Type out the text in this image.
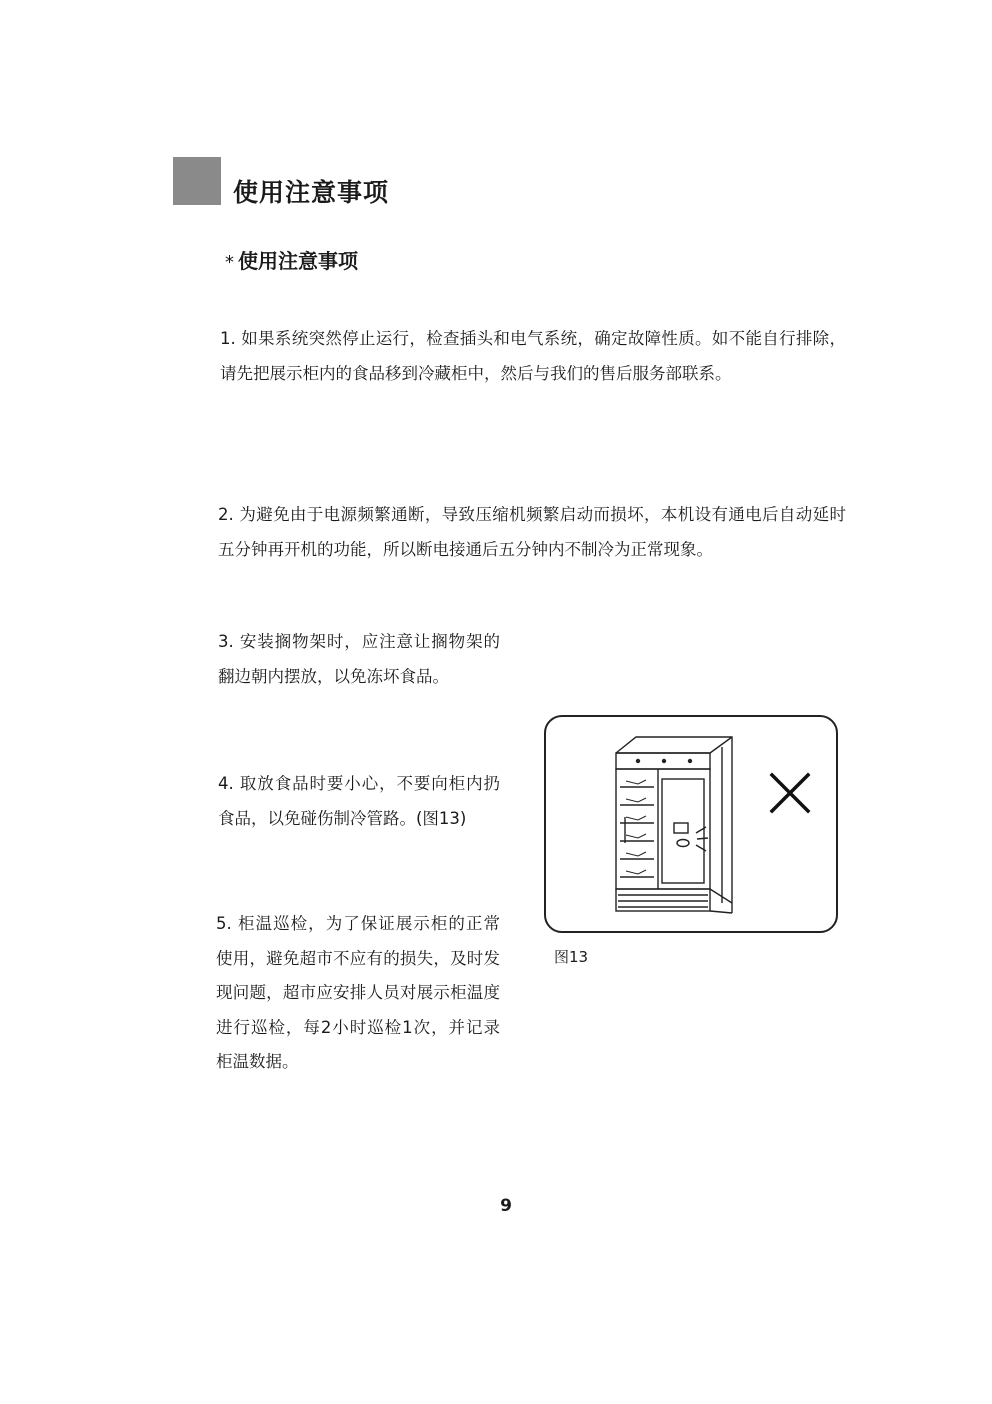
使用注意事项
* 使用注意事项

1. 如果系统突然停止运行，检查插头和电气系统，确定故障性质。如不能自行排除，请先把展示柜内的食品移到冷藏柜中，然后与我们的售后服务部联系。

2. 为避免由于电源频繁通断，导致压缩机频繁启动而损坏，本机设有通电后自动延时五分钟再开机的功能，所以断电接通后五分钟内不制冷为正常现象。

3. 安装搁物架时，应注意让搁物架的翻边朝内摆放，以免冻坏食品。

4. 取放食品时要小心，不要向柜内扔食品，以免碰伤制冷管路。(图13)

5. 柜温巡检，为了保证展示柜的正常使用，避免超市不应有的损失，及时发现问题，超市应安排人员对展示柜温度进行巡检，每2小时巡检1次，并记录柜温数据。

图13

9
